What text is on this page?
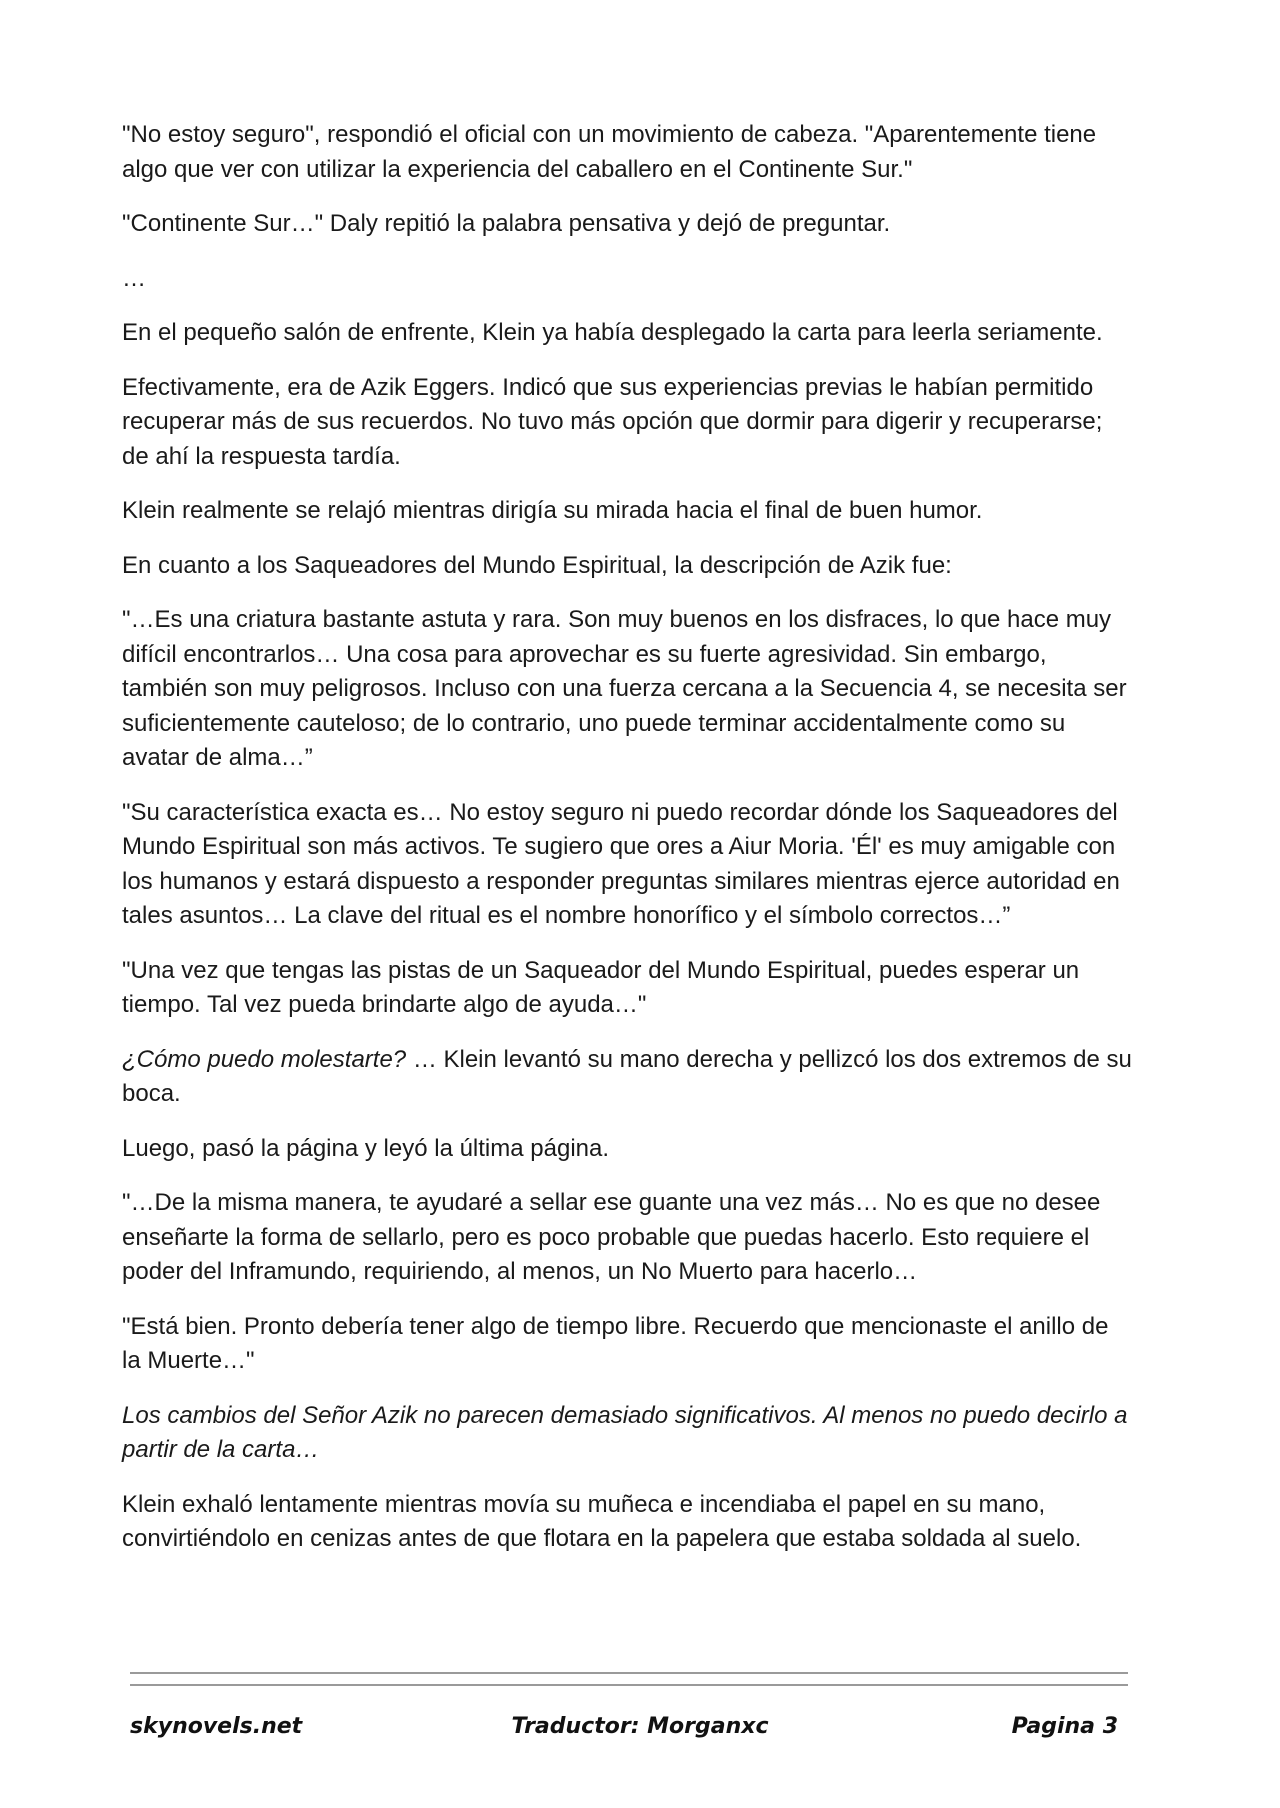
"No estoy seguro", respondió el oficial con un movimiento de cabeza. "Aparentemente tiene algo que ver con utilizar la experiencia del caballero en el Continente Sur."

"Continente Sur…" Daly repitió la palabra pensativa y dejó de preguntar.

…

En el pequeño salón de enfrente, Klein ya había desplegado la carta para leerla seriamente.

Efectivamente, era de Azik Eggers. Indicó que sus experiencias previas le habían permitido recuperar más de sus recuerdos. No tuvo más opción que dormir para digerir y recuperarse; de ahí la respuesta tardía.

Klein realmente se relajó mientras dirigía su mirada hacia el final de buen humor.

En cuanto a los Saqueadores del Mundo Espiritual, la descripción de Azik fue:

"…Es una criatura bastante astuta y rara. Son muy buenos en los disfraces, lo que hace muy difícil encontrarlos… Una cosa para aprovechar es su fuerte agresividad. Sin embargo, también son muy peligrosos. Incluso con una fuerza cercana a la Secuencia 4, se necesita ser suficientemente cauteloso; de lo contrario, uno puede terminar accidentalmente como su avatar de alma…”

"Su característica exacta es… No estoy seguro ni puedo recordar dónde los Saqueadores del Mundo Espiritual son más activos. Te sugiero que ores a Aiur Moria. 'Él' es muy amigable con los humanos y estará dispuesto a responder preguntas similares mientras ejerce autoridad en tales asuntos… La clave del ritual es el nombre honorífico y el símbolo correctos…”

"Una vez que tengas las pistas de un Saqueador del Mundo Espiritual, puedes esperar un tiempo. Tal vez pueda brindarte algo de ayuda…"

¿Cómo puedo molestarte? … Klein levantó su mano derecha y pellizcó los dos extremos de su boca.

Luego, pasó la página y leyó la última página.

"…De la misma manera, te ayudaré a sellar ese guante una vez más… No es que no desee enseñarte la forma de sellarlo, pero es poco probable que puedas hacerlo. Esto requiere el poder del Inframundo, requiriendo, al menos, un No Muerto para hacerlo…

"Está bien. Pronto debería tener algo de tiempo libre. Recuerdo que mencionaste el anillo de la Muerte…"

Los cambios del Señor Azik no parecen demasiado significativos. Al menos no puedo decirlo a partir de la carta…

Klein exhaló lentamente mientras movía su muñeca e incendiaba el papel en su mano, convirtiéndolo en cenizas antes de que flotara en la papelera que estaba soldada al suelo.

skynovels.net	Traductor: Morganxc	Pagina 3
